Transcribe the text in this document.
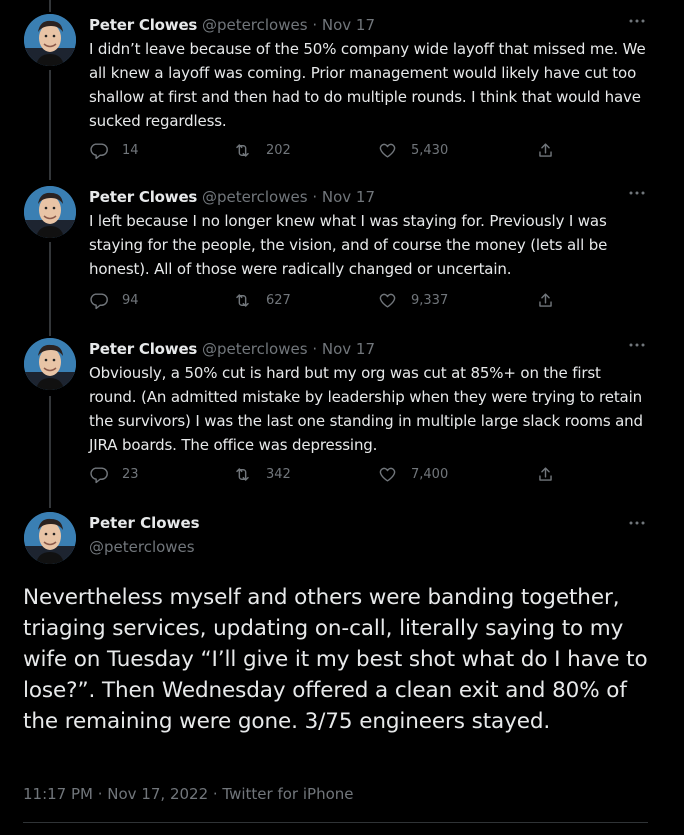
Peter Clowes @peterclowes · Nov 17
I didn’t leave because of the 50% company wide layoff that missed me. We all knew a layoff was coming. Prior management would likely have cut too shallow at first and then had to do multiple rounds. I think that would have sucked regardless.
14	202	5,430
Peter Clowes @peterclowes · Nov 17
I left because I no longer knew what I was staying for. Previously I was staying for the people, the vision, and of course the money (lets all be honest). All of those were radically changed or uncertain.
94	627	9,337
Peter Clowes @peterclowes · Nov 17
Obviously, a 50% cut is hard but my org was cut at 85%+ on the first round. (An admitted mistake by leadership when they were trying to retain the survivors) I was the last one standing in multiple large slack rooms and JIRA boards. The office was depressing.
23	342	7,400
Peter Clowes
@peterclowes
Nevertheless myself and others were banding together, triaging services, updating on-call, literally saying to my wife on Tuesday “I’ll give it my best shot what do I have to lose?”. Then Wednesday offered a clean exit and 80% of the remaining were gone. 3/75 engineers stayed.
11:17 PM · Nov 17, 2022 · Twitter for iPhone
